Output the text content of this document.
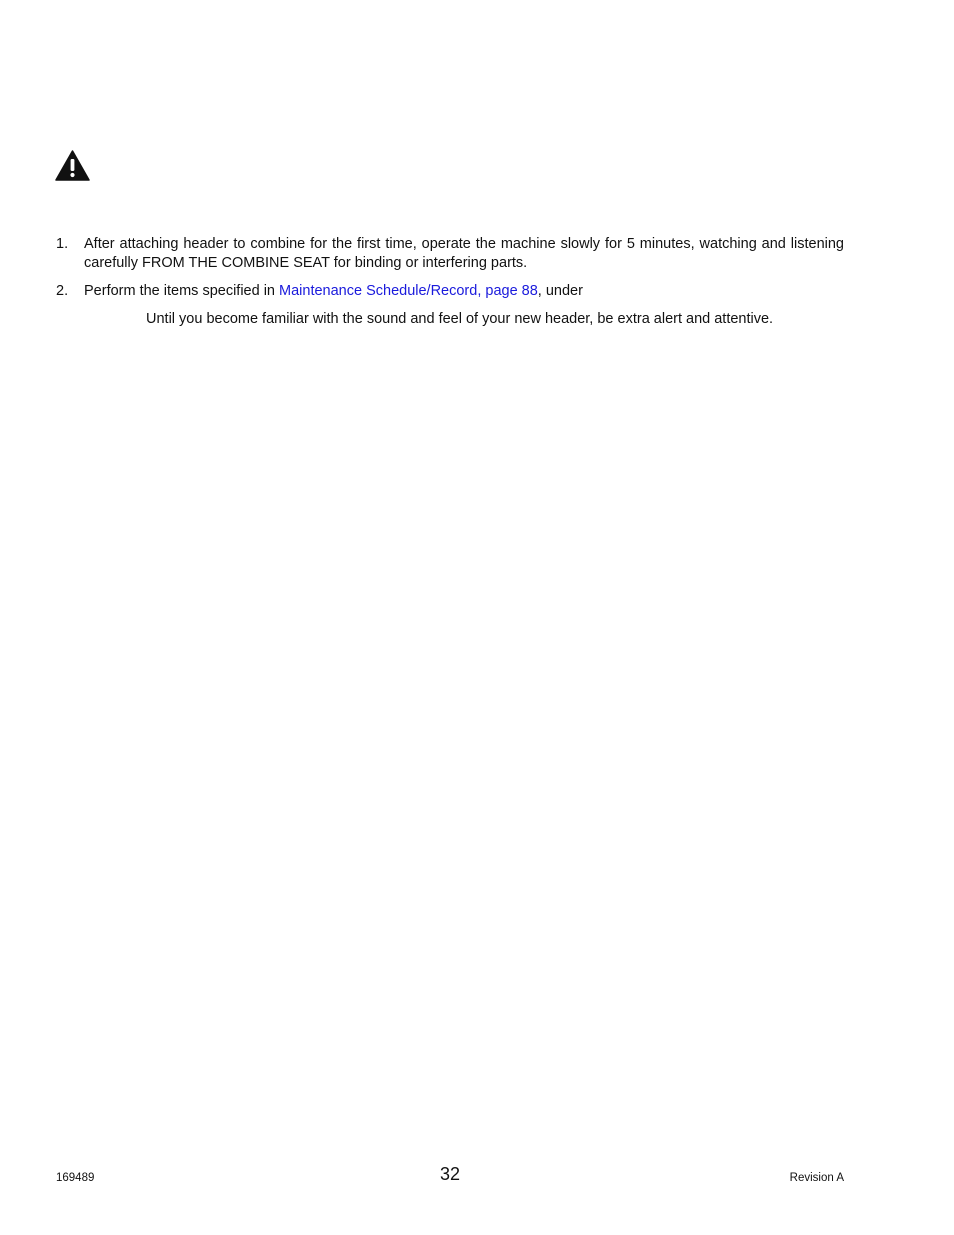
1. After attaching header to combine for the first time, operate the machine slowly for 5 minutes, watching and listening carefully FROM THE COMBINE SEAT for binding or interfering parts.
2. Perform the items specified in Maintenance Schedule/Record, page 88, under
Until you become familiar with the sound and feel of your new header, be extra alert and attentive.
169489	32	Revision A
